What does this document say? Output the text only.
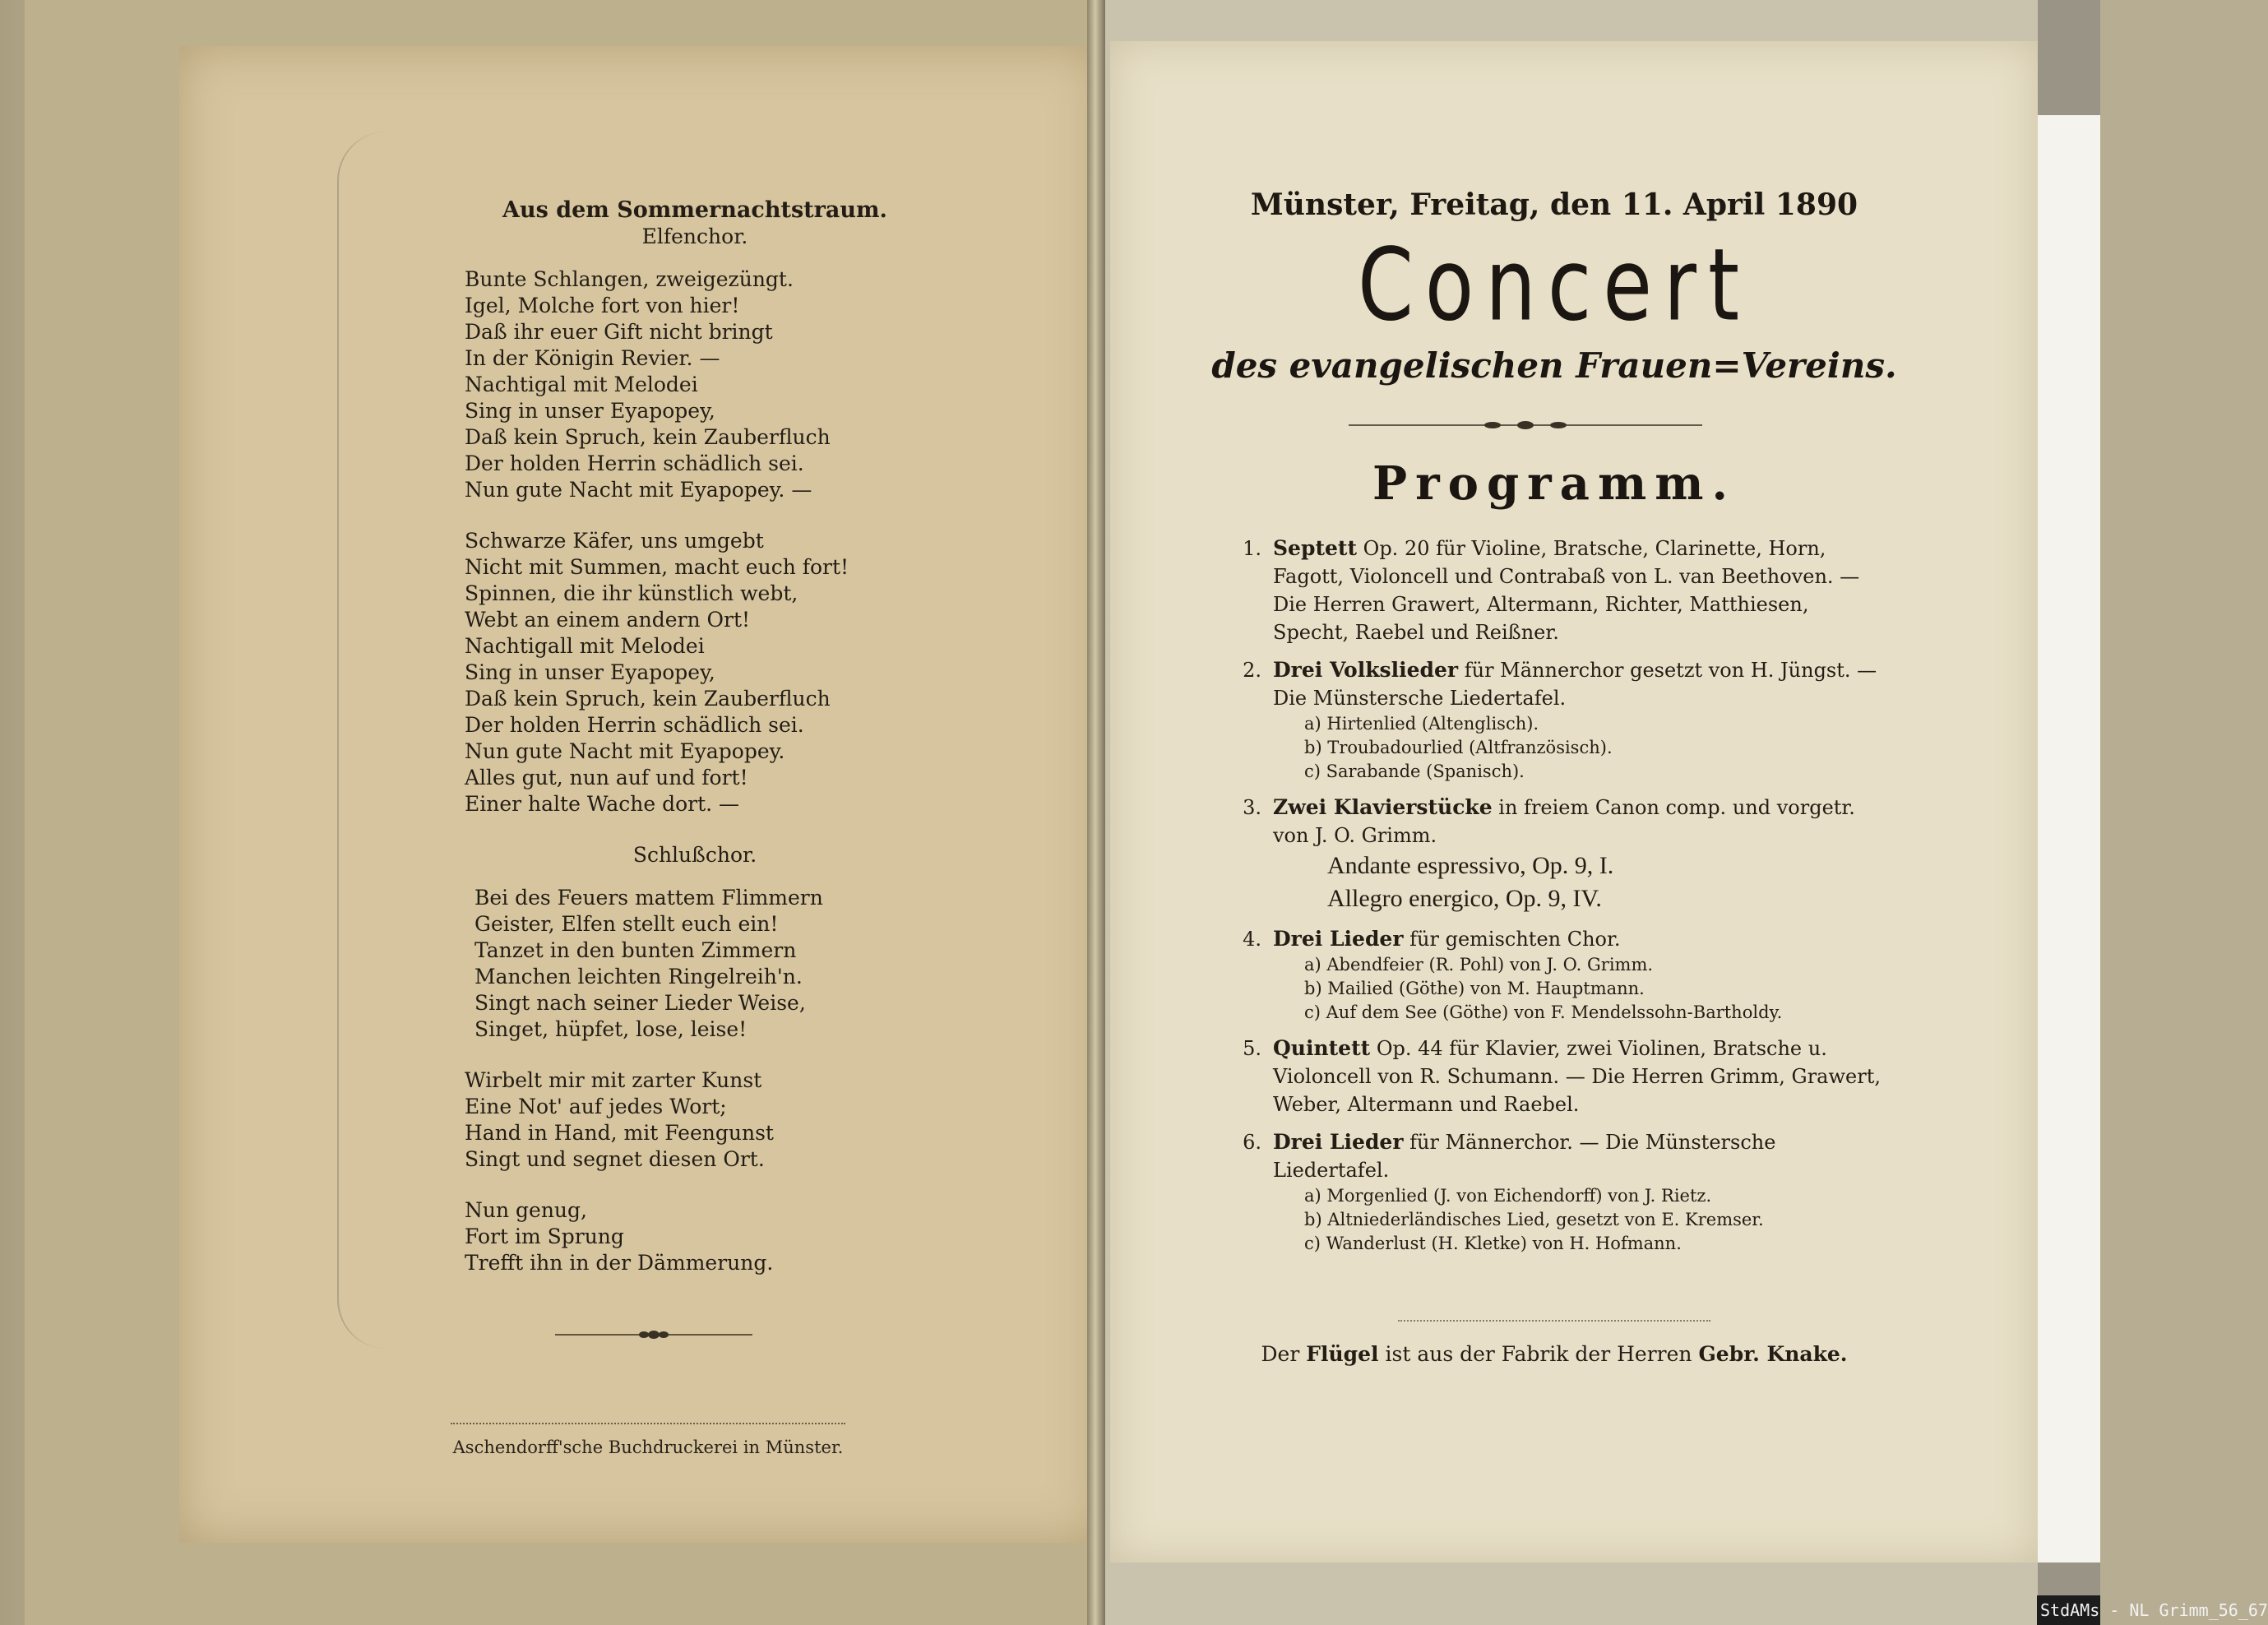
Aus dem Sommernachtstraum.
Elfenchor.
Bunte Schlangen, zweigezüngt.
Igel, Molche fort von hier!
Daß ihr euer Gift nicht bringt
In der Königin Revier. —
Nachtigal mit Melodei
Sing in unser Eyapopey,
Daß kein Spruch, kein Zauberfluch
Der holden Herrin schädlich sei.
Nun gute Nacht mit Eyapopey. —
Schwarze Käfer, uns umgebt
Nicht mit Summen, macht euch fort!
Spinnen, die ihr künstlich webt,
Webt an einem andern Ort!
Nachtigall mit Melodei
Sing in unser Eyapopey,
Daß kein Spruch, kein Zauberfluch
Der holden Herrin schädlich sei.
Nun gute Nacht mit Eyapopey.
Alles gut, nun auf und fort!
Einer halte Wache dort. —
Schlußchor.
Bei des Feuers mattem Flimmern
Geister, Elfen stellt euch ein!
Tanzet in den bunten Zimmern
Manchen leichten Ringelreih'n.
Singt nach seiner Lieder Weise,
Singet, hüpfet, lose, leise!
Wirbelt mir mit zarter Kunst
Eine Not' auf jedes Wort;
Hand in Hand, mit Feengunst
Singt und segnet diesen Ort.
Nun genug,
Fort im Sprung
Trefft ihn in der Dämmerung.
Aschendorff'sche Buchdruckerei in Münster.
Münster, Freitag, den 11. April 1890
Concert
des evangelischen Frauen=Vereins.
Programm.
1. Septett Op. 20 für Violine, Bratsche, Clarinette, Horn, Fagott, Violoncell und Contrabaß von L. van Beethoven. — Die Herren Grawert, Altermann, Richter, Matthiesen, Specht, Raebel und Reißner.
2. Drei Volkslieder für Männerchor gesetzt von H. Jüngst. — Die Münstersche Liedertafel.
a) Hirtenlied (Altenglisch).
b) Troubadourlied (Altfranzösisch).
c) Sarabande (Spanisch).
3. Zwei Klavierstücke in freiem Canon comp. und vorgetr. von J. O. Grimm.
Andante espressivo, Op. 9, I.
Allegro energico, Op. 9, IV.
4. Drei Lieder für gemischten Chor.
a) Abendfeier (R. Pohl) von J. O. Grimm.
b) Mailied (Göthe) von M. Hauptmann.
c) Auf dem See (Göthe) von F. Mendelssohn-Bartholdy.
5. Quintett Op. 44 für Klavier, zwei Violinen, Bratsche u. Violoncell von R. Schumann. — Die Herren Grimm, Grawert, Weber, Altermann und Raebel.
6. Drei Lieder für Männerchor. — Die Münstersche Liedertafel.
a) Morgenlied (J. von Eichendorff) von J. Rietz.
b) Altniederländisches Lied, gesetzt von E. Kremser.
c) Wanderlust (H. Kletke) von H. Hofmann.
Der Flügel ist aus der Fabrik der Herren Gebr. Knake.
StdAMs - NL Grimm_56_67
